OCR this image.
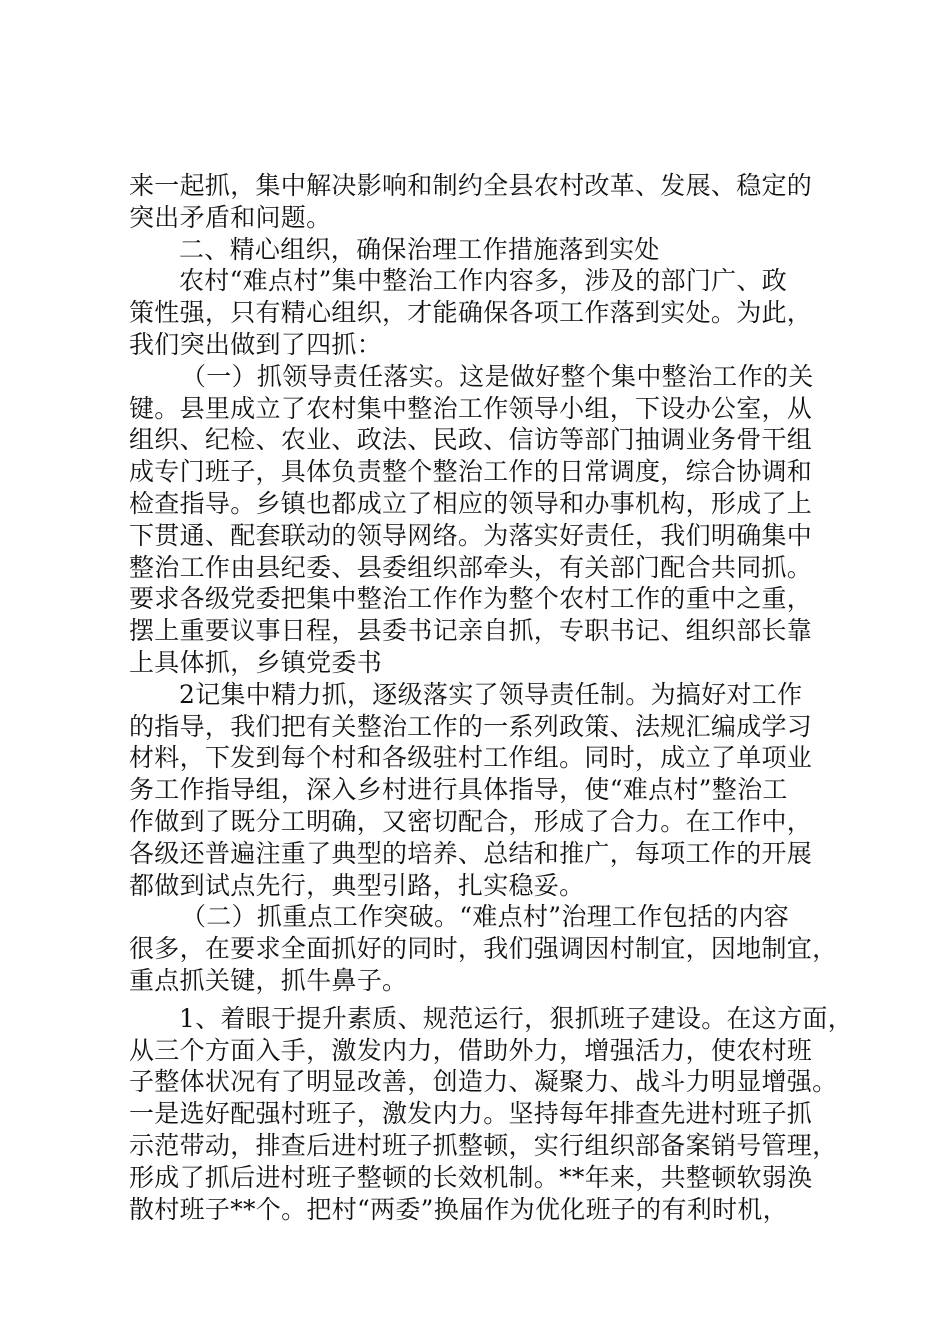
来一起抓，集中解决影响和制约全县农村改革、发展、稳定的
突出矛盾和问题。
二、精心组织，确保治理工作措施落到实处
农村“难点村”集中整治工作内容多，涉及的部门广、政
策性强，只有精心组织，才能确保各项工作落到实处。为此，
我们突出做到了四抓：
（一）抓领导责任落实。这是做好整个集中整治工作的关
键。县里成立了农村集中整治工作领导小组，下设办公室，从
组织、纪检、农业、政法、民政、信访等部门抽调业务骨干组
成专门班子，具体负责整个整治工作的日常调度，综合协调和
检查指导。乡镇也都成立了相应的领导和办事机构，形成了上
下贯通、配套联动的领导网络。为落实好责任，我们明确集中
整治工作由县纪委、县委组织部牵头，有关部门配合共同抓。
要求各级党委把集中整治工作作为整个农村工作的重中之重，
摆上重要议事日程，县委书记亲自抓，专职书记、组织部长靠
上具体抓，乡镇党委书
2记集中精力抓，逐级落实了领导责任制。为搞好对工作
的指导，我们把有关整治工作的一系列政策、法规汇编成学习
材料，下发到每个村和各级驻村工作组。同时，成立了单项业
务工作指导组，深入乡村进行具体指导，使“难点村”整治工
作做到了既分工明确，又密切配合，形成了合力。在工作中，
各级还普遍注重了典型的培养、总结和推广，每项工作的开展
都做到试点先行，典型引路，扎实稳妥。
（二）抓重点工作突破。“难点村”治理工作包括的内容
很多，在要求全面抓好的同时，我们强调因村制宜，因地制宜，
重点抓关键，抓牛鼻子。
1、着眼于提升素质、规范运行，狠抓班子建设。在这方面，
从三个方面入手，激发内力，借助外力，增强活力，使农村班
子整体状况有了明显改善，创造力、凝聚力、战斗力明显增强。
一是选好配强村班子，激发内力。坚持每年排查先进村班子抓
示范带动，排查后进村班子抓整顿，实行组织部备案销号管理，
形成了抓后进村班子整顿的长效机制。**年来，共整顿软弱涣
散村班子**个。把村“两委”换届作为优化班子的有利时机，
